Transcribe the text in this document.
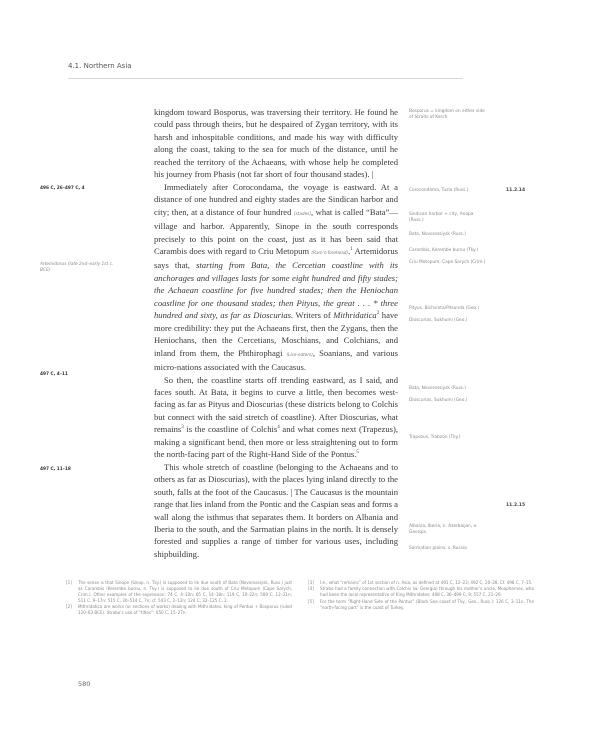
4.1. Northern Asia

kingdom toward Bosporus, was traversing their territory. He found he could pass through theirs, but he despaired of Zygan territory, with its harsh and inhospitable conditions, and made his way with difficulty along the coast, taking to the sea for much of the distance, until he reached the territory of the Achaeans, with whose help he completed his journey from Phasis (not far short of four thousand stades). |

Immediately after Corocondama, the voyage is eastward. At a distance of one hundred and eighty stades are the Sindican harbor and city; then, at a distance of four hundred [stades], what is called “Bata”—village and harbor. Apparently, Sinope in the south corresponds precisely to this point on the coast, just as it has been said that Carambis does with regard to Criu Metopum (Ram’s-forehead).$^1$ Artemidorus says that, starting from Bata, the Cercetian coastline with its anchorages and villages lasts for some eight hundred and fifty stades; the Achaean coastline for five hundred stades; then the Heniochan coastline for one thousand stades; then Pityus, the great . . . * three hundred and sixty, as far as Dioscurias. Writers of Mithridatica$^2$ have more credibility: they put the Achaeans first, then the Zygans, then the Heniochans, then the Cercetians, Moschians, and Colchians, and inland from them, the Phthirophagi (Lice-eaters), Soanians, and various micro-nations associated with the Caucasus.

So then, the coastline starts off trending eastward, as I said, and faces south. At Bata, it begins to curve a little, then becomes west-facing as far as Pityus and Dioscurias (these districts belong to Colchis but connect with the said stretch of coastline). After Dioscurias, what remains$^3$ is the coastline of Colchis$^4$ and what comes next (Trapezus), making a significant bend, then more or less straightening out to form the north-facing part of the Right-Hand Side of the Pontus.$^5$

This whole stretch of coastline (belonging to the Achaeans and to others as far as Dioscurias), with the places lying inland directly to the south, falls at the foot of the Caucasus. | The Caucasus is the mountain range that lies inland from the Pontic and the Caspian seas and forms a wall along the isthmus that separates them. It borders on Albania and Iberia to the south, and the Sarmatian plains in the north. It is densely forested and supplies a range of timber for various uses, including shipbuilding.

496 C, 26–497 C, 4
Artemidorus (late 2nd–early 1st c. BCE)
497 C, 4–11
497 C, 11–18
Bosporus = kingdom on either side of Straits of Kerch
Corocondama, Tuzla (Russ.)
Sindican harbor + city, Anapa (Russ.)
Bata, Novorossiysk (Russ.)
Carambis, Kerembe burnu (Tky.)
Criu Metopum, Cape Sarych (Crim.)
Pityus, Bichvinta/Pitsunda (Geo.)
Dioscurias, Sukhumi (Geo.)
Bata, Novorossiysk (Russ.)
Dioscurias, Sukhumi (Geo.)
Trapezus, Trabzon (Tky.)
Albania, Iberia, n. Azerbaijan, e. Georgia
Sarmatian plains, s. Russia
11.2.14
11.2.15
[1]	The sense is that Sinope (Sinop, n. Tky.) is supposed to lie due south of Bata (Novorossiysk, Russ.) just as Carambis (Kerembe burnu, n. Tky.) is supposed to lie due south of Criu Metopum (Cape Sarych, Crim.). Other examples of the expression: 74 C, 4–10n; 65 C, 14–18n; 119 C, 10–22n; 509 C, 12–21n; 511 C, 9–17n; 515 C, 30–514 C, 7n; cf. 543 C, 2–12n; 124 C, 32–125 C, 2.
[2]	Mithridatica are works (or sections of works) dealing with Mithridates, king of Pontus + Bosporus (ruled 120–63 BCE). Strabo’s use of “titles”: 650 C, 15–27n.
[3]	I.e., what “remains” of 1st section of n. Asia, as defined at 491 C, 12–23; 492 C, 20–28. Cf. 498 C, 7–15.
[4]	Strabo had a family connection with Colchis (w. Georgia) through his mother’s uncle, Moaphernes, who had been the local representative of King Mithridates: 498 C, 36–499 C, 9; 557 C, 21–29.
[5]	For the term “Right-Hand Side of the Pontus” (Black Sea coast of Tky., Geo., Russ.): 126 C, 3–11n. The “north-facing part” is the coast of Turkey.
580
